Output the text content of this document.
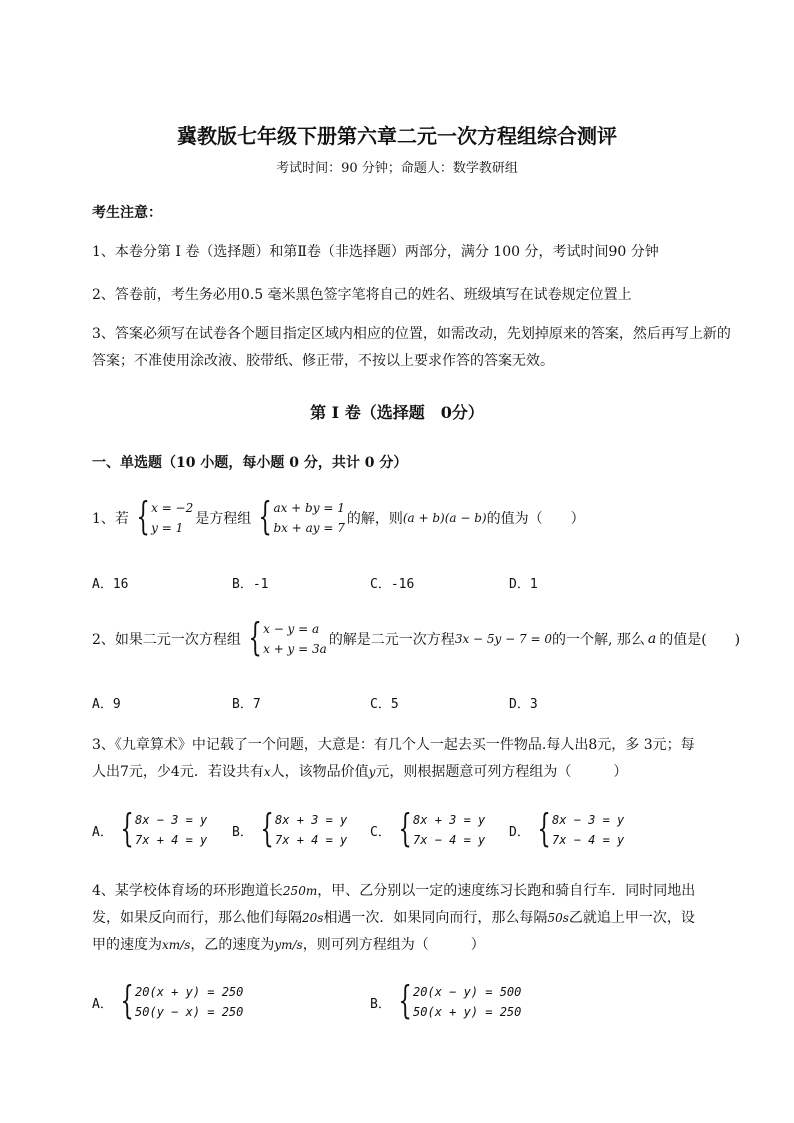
冀教版七年级下册第六章二元一次方程组综合测评
考试时间：90 分钟；命题人：数学教研组
考生注意：
1、本卷分第 I 卷（选择题）和第Ⅱ卷（非选择题）两部分，满分 100 分，考试时间90 分钟
2、答卷前，考生务必用0.5 毫米黑色签字笔将自己的姓名、班级填写在试卷规定位置上
3、答案必须写在试卷各个题目指定区域内相应的位置，如需改动，先划掉原来的答案，然后再写上新的答案；不准使用涂改液、胶带纸、修正带，不按以上要求作答的答案无效。
第 I 卷（选择题　0分）
一、单选题（10 小题，每小题 0 分，共计 0 分）
1、若 { x = −2
y = 1
是方程组 { ax + by = 1
bx + ay = 7
的解，则 (a + b)(a − b) 的值为（　　）
A．16	B．-1	C．-16	D．1
2、如果二元一次方程组 { x − y = a
x + y = 3a
的解是二元一次方程 3x − 5y − 7 = 0 的一个解, 那么 a 的值是(　　)
A．9	B．7	C．5	D．3
3、《九章算术》中记载了一个问题，大意是：有几个人一起去买一件物品.每人出8元，多 3元；每
人出7元，少4元．若设共有x人，该物品价值y元，则根据题意可列方程组为（　　　）
A． { 8x − 3 = y
7x + 4 = y
B． { 8x + 3 = y
7x + 4 = y
C． { 8x + 3 = y
7x − 4 = y
D． { 8x − 3 = y
7x − 4 = y
4、某学校体育场的环形跑道长250m，甲、乙分别以一定的速度练习长跑和骑自行车．同时同地出
发，如果反向而行，那么他们每隔20s相遇一次．如果同向而行，那么每隔50s乙就追上甲一次，设
甲的速度为xm/s，乙的速度为ym/s，则可列方程组为（　　　）
A． { 20(x + y) = 250
50(y − x) = 250
B． { 20(x − y) = 500
50(x + y) = 250
